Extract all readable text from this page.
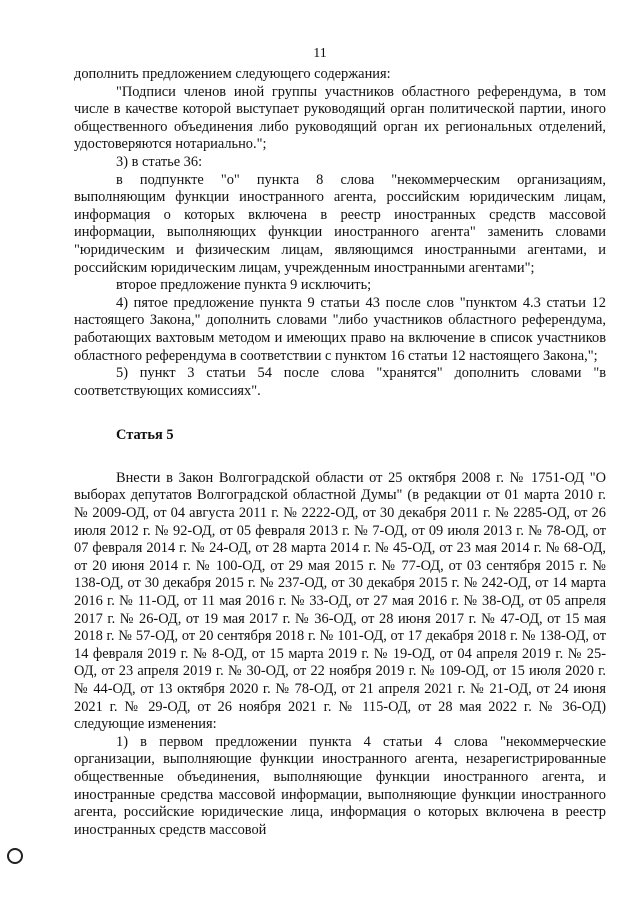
11

дополнить предложением следующего содержания:

"Подписи членов иной группы участников областного референдума, в том числе в качестве которой выступает руководящий орган политической партии, иного общественного объединения либо руководящий орган их региональных отделений, удостоверяются нотариально.";

3) в статье 36:

в подпункте "о" пункта 8 слова "некоммерческим организациям, выполняющим функции иностранного агента, российским юридическим лицам, информация о которых включена в реестр иностранных средств массовой информации, выполняющих функции иностранного агента" заменить словами "юридическим и физическим лицам, являющимся иностранными агентами, и российским юридическим лицам, учрежденным иностранными агентами";

второе предложение пункта 9 исключить;

4) пятое предложение пункта 9 статьи 43 после слов "пунктом 4.3 статьи 12 настоящего Закона," дополнить словами "либо участников областного референдума, работающих вахтовым методом и имеющих право на включение в список участников областного референдума в соответствии с пунктом 16 статьи 12 настоящего Закона,";

5) пункт 3 статьи 54 после слова "хранятся" дополнить словами "в соответствующих комиссиях".

Статья 5

Внести в Закон Волгоградской области от 25 октября 2008 г. № 1751-ОД "О выборах депутатов Волгоградской областной Думы" (в редакции от 01 марта 2010 г. № 2009-ОД, от 04 августа 2011 г. № 2222-ОД, от 30 декабря 2011 г. № 2285-ОД, от 26 июля 2012 г. № 92-ОД, от 05 февраля 2013 г. № 7-ОД, от 09 июля 2013 г. № 78-ОД, от 07 февраля 2014 г. № 24-ОД, от 28 марта 2014 г. № 45-ОД, от 23 мая 2014 г. № 68-ОД, от 20 июня 2014 г. № 100-ОД, от 29 мая 2015 г. № 77-ОД, от 03 сентября 2015 г. № 138-ОД, от 30 декабря 2015 г. № 237-ОД, от 30 декабря 2015 г. № 242-ОД, от 14 марта 2016 г. № 11-ОД, от 11 мая 2016 г. № 33-ОД, от 27 мая 2016 г. № 38-ОД, от 05 апреля 2017 г. № 26-ОД, от 19 мая 2017 г. № 36-ОД, от 28 июня 2017 г. № 47-ОД, от 15 мая 2018 г. № 57-ОД, от 20 сентября 2018 г. № 101-ОД, от 17 декабря 2018 г. № 138-ОД, от 14 февраля 2019 г. № 8-ОД, от 15 марта 2019 г. № 19-ОД, от 04 апреля 2019 г. № 25-ОД, от 23 апреля 2019 г. № 30-ОД, от 22 ноября 2019 г. № 109-ОД, от 15 июля 2020 г. № 44-ОД, от 13 октября 2020 г. № 78-ОД, от 21 апреля 2021 г. № 21-ОД, от 24 июня 2021 г. № 29-ОД, от 26 ноября 2021 г. № 115-ОД, от 28 мая 2022 г. № 36-ОД) следующие изменения:

1) в первом предложении пункта 4 статьи 4 слова "некоммерческие организации, выполняющие функции иностранного агента, незарегистрированные общественные объединения, выполняющие функции иностранного агента, и иностранные средства массовой информации, выполняющие функции иностранного агента, российские юридические лица, информация о которых включена в реестр иностранных средств массовой
